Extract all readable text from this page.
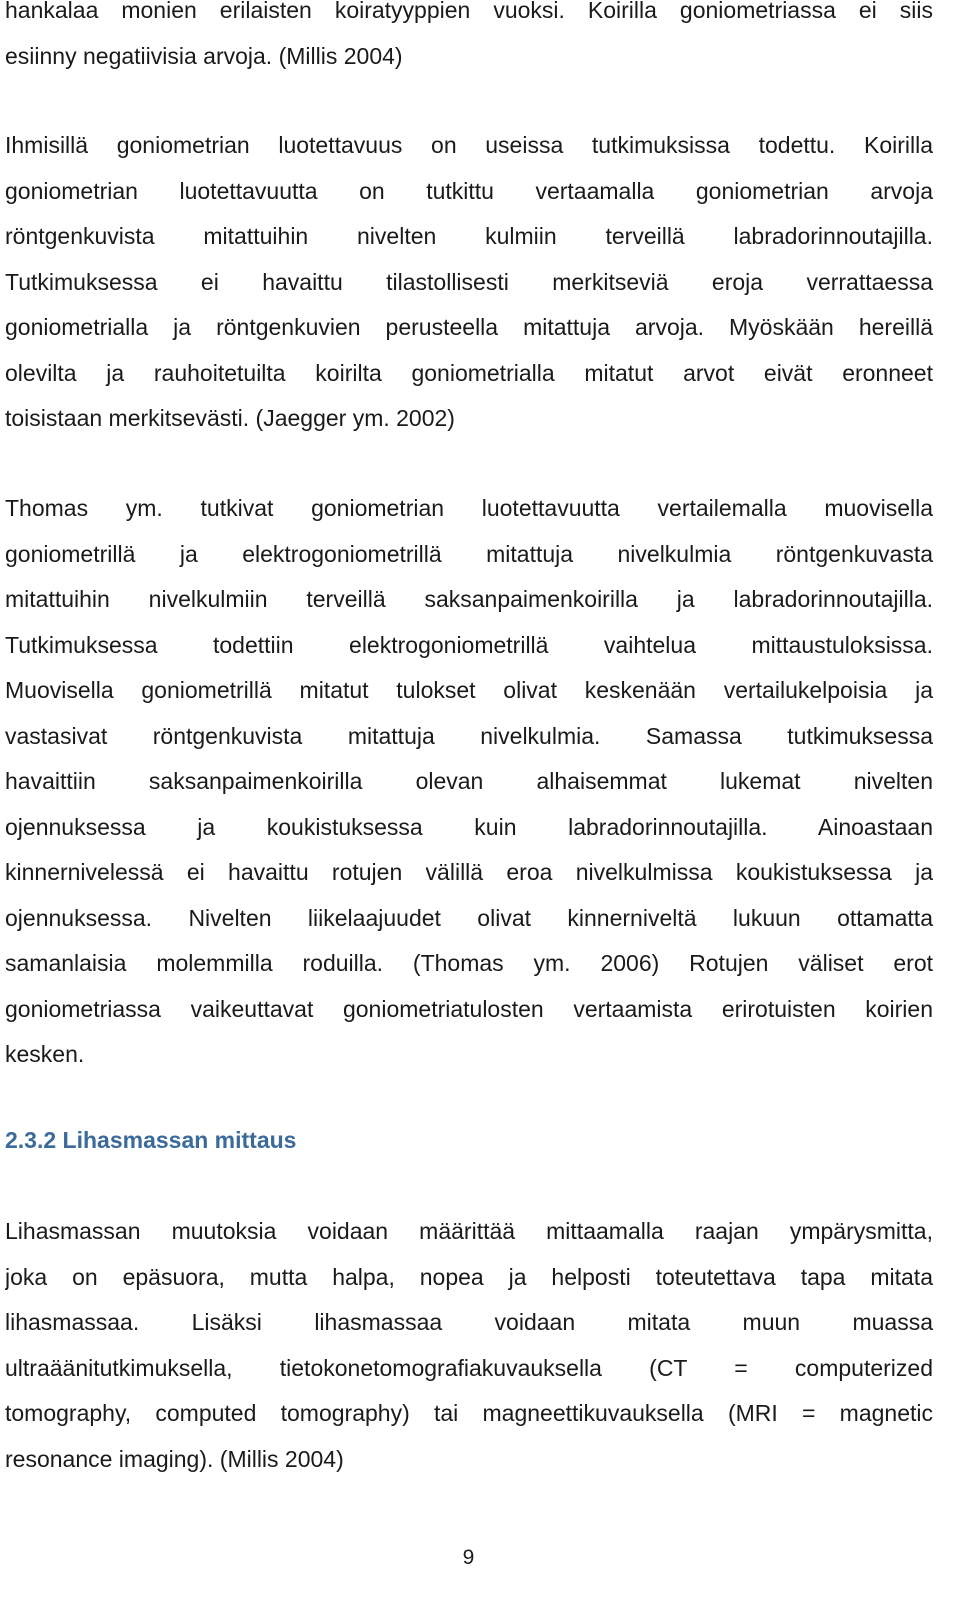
hankalaa monien erilaisten koiratyyppien vuoksi. Koirilla goniometriassa ei siis
esiinny negatiivisia arvoja. (Millis 2004)
Ihmisillä goniometrian luotettavuus on useissa tutkimuksissa todettu. Koirilla
goniometrian luotettavuutta on tutkittu vertaamalla goniometrian arvoja
röntgenkuvista mitattuihin nivelten kulmiin terveillä labradorinnoutajilla.
Tutkimuksessa ei havaittu tilastollisesti merkitseviä eroja verrattaessa
goniometrialla ja röntgenkuvien perusteella mitattuja arvoja. Myöskään hereillä
olevilta ja rauhoitetuilta koirilta goniometrialla mitatut arvot eivät eronneet
toisistaan merkitsevästi. (Jaegger ym. 2002)
Thomas ym. tutkivat goniometrian luotettavuutta vertailemalla muovisella
goniometrillä ja elektrogoniometrillä mitattuja nivelkulmia röntgenkuvasta
mitattuihin nivelkulmiin terveillä saksanpaimenkoirilla ja labradorinnoutajilla.
Tutkimuksessa todettiin elektrogoniometrillä vaihtelua mittaustuloksissa.
Muovisella goniometrillä mitatut tulokset olivat keskenään vertailukelpoisia ja
vastasivat röntgenkuvista mitattuja nivelkulmia. Samassa tutkimuksessa
havaittiin saksanpaimenkoirilla olevan alhaisemmat lukemat nivelten
ojennuksessa ja koukistuksessa kuin labradorinnoutajilla. Ainoastaan
kinnernivelessä ei havaittu rotujen välillä eroa nivelkulmissa koukistuksessa ja
ojennuksessa. Nivelten liikelaajuudet olivat kinnerniveltä lukuun ottamatta
samanlaisia molemmilla roduilla. (Thomas ym. 2006) Rotujen väliset erot
goniometriassa vaikeuttavat goniometriatulosten vertaamista erirotuisten koirien
kesken.
2.3.2 Lihasmassan mittaus
Lihasmassan muutoksia voidaan määrittää mittaamalla raajan ympärysmitta,
joka on epäsuora, mutta halpa, nopea ja helposti toteutettava tapa mitata
lihasmassaa. Lisäksi lihasmassaa voidaan mitata muun muassa
ultraäänitutkimuksella, tietokonetomografiakuvauksella (CT = computerized
tomography, computed tomography) tai magneettikuvauksella (MRI = magnetic
resonance imaging). (Millis 2004)
9
